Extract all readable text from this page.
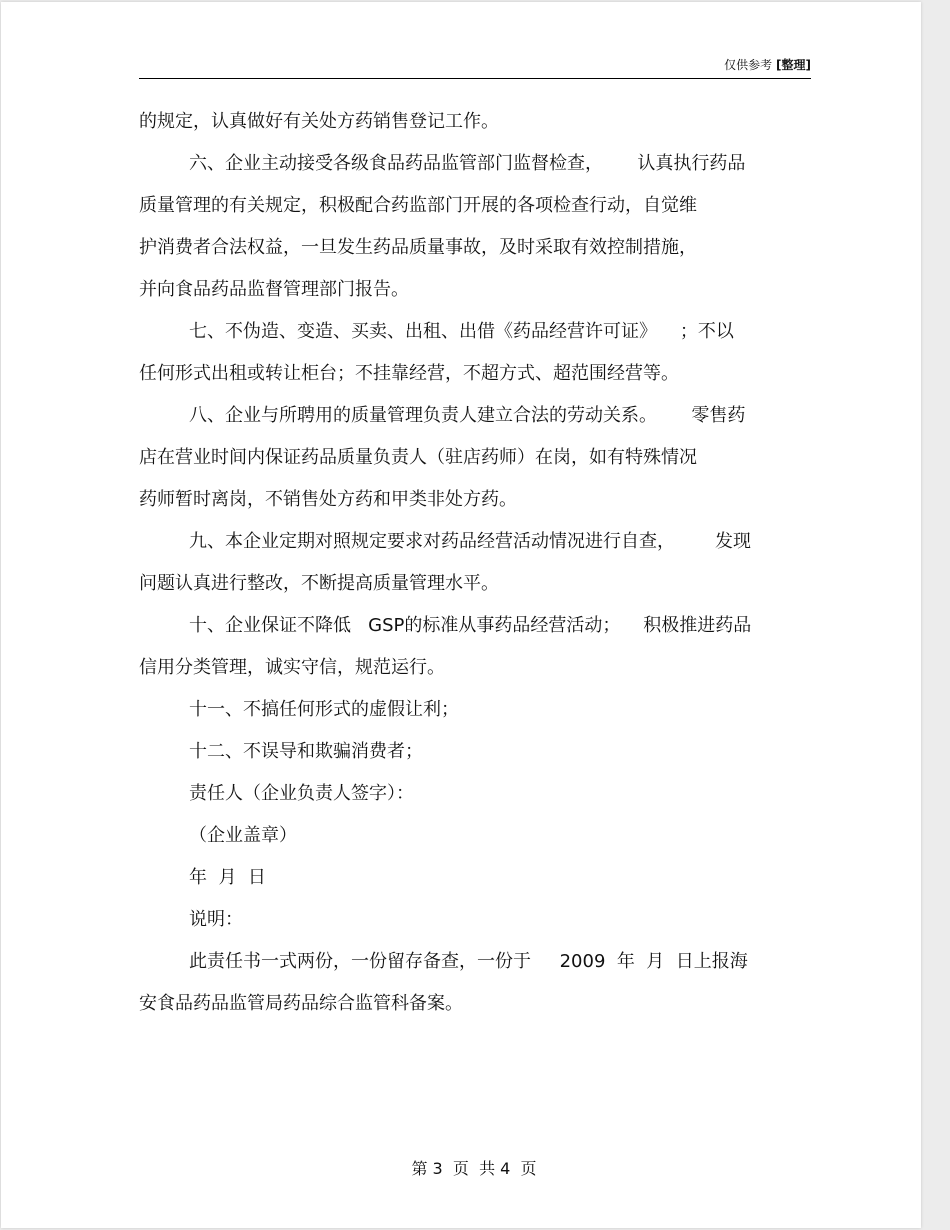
仅供参考 [整理]
的规定，认真做好有关处方药销售登记工作。
六、企业主动接受各级食品药品监管部门监督检查，      认真执行药品
质量管理的有关规定，积极配合药监部门开展的各项检查行动，自觉维
护消费者合法权益，一旦发生药品质量事故，及时采取有效控制措施，
并向食品药品监督管理部门报告。
七、不伪造、变造、买卖、出租、出借《药品经营许可证》    ；不以
任何形式出租或转让柜台；不挂靠经营，不超方式、超范围经营等。
八、企业与所聘用的质量管理负责人建立合法的劳动关系。      零售药
店在营业时间内保证药品质量负责人（驻店药师）在岗，如有特殊情况
药师暂时离岗，不销售处方药和甲类非处方药。
九、本企业定期对照规定要求对药品经营活动情况进行自查，       发现
问题认真进行整改，不断提高质量管理水平。
十、企业保证不降低   GSP的标准从事药品经营活动；    积极推进药品
信用分类管理，诚实守信，规范运行。
十一、不搞任何形式的虚假让利；
十二、不误导和欺骗消费者；
责任人（企业负责人签字）：
（企业盖章）
年  月  日
说明：
此责任书一式两份，一份留存备查，一份于     2009  年  月  日上报海
安食品药品监管局药品综合监管科备案。
第 3  页  共 4  页
